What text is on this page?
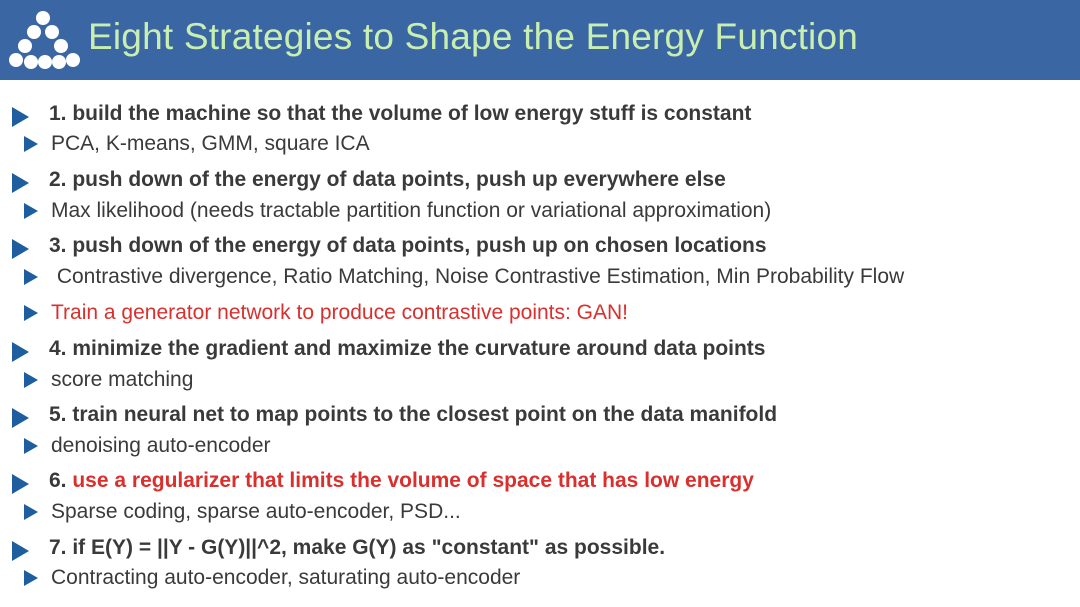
Eight Strategies to Shape the Energy Function
1. build the machine so that the volume of low energy stuff is constant
PCA, K-means, GMM, square ICA
2. push down of the energy of data points, push up everywhere else
Max likelihood (needs tractable partition function or variational approximation)
3. push down of the energy of data points, push up on chosen locations
Contrastive divergence, Ratio Matching, Noise Contrastive Estimation, Min Probability Flow
Train a generator network to produce contrastive points: GAN!
4. minimize the gradient and maximize the curvature around data points
score matching
5. train neural net to map points to the closest point on the data manifold
denoising auto-encoder
6. use a regularizer that limits the volume of space that has low energy
Sparse coding, sparse auto-encoder, PSD...
7. if E(Y) = ||Y - G(Y)||^2, make G(Y) as "constant" as possible.
Contracting auto-encoder, saturating auto-encoder
